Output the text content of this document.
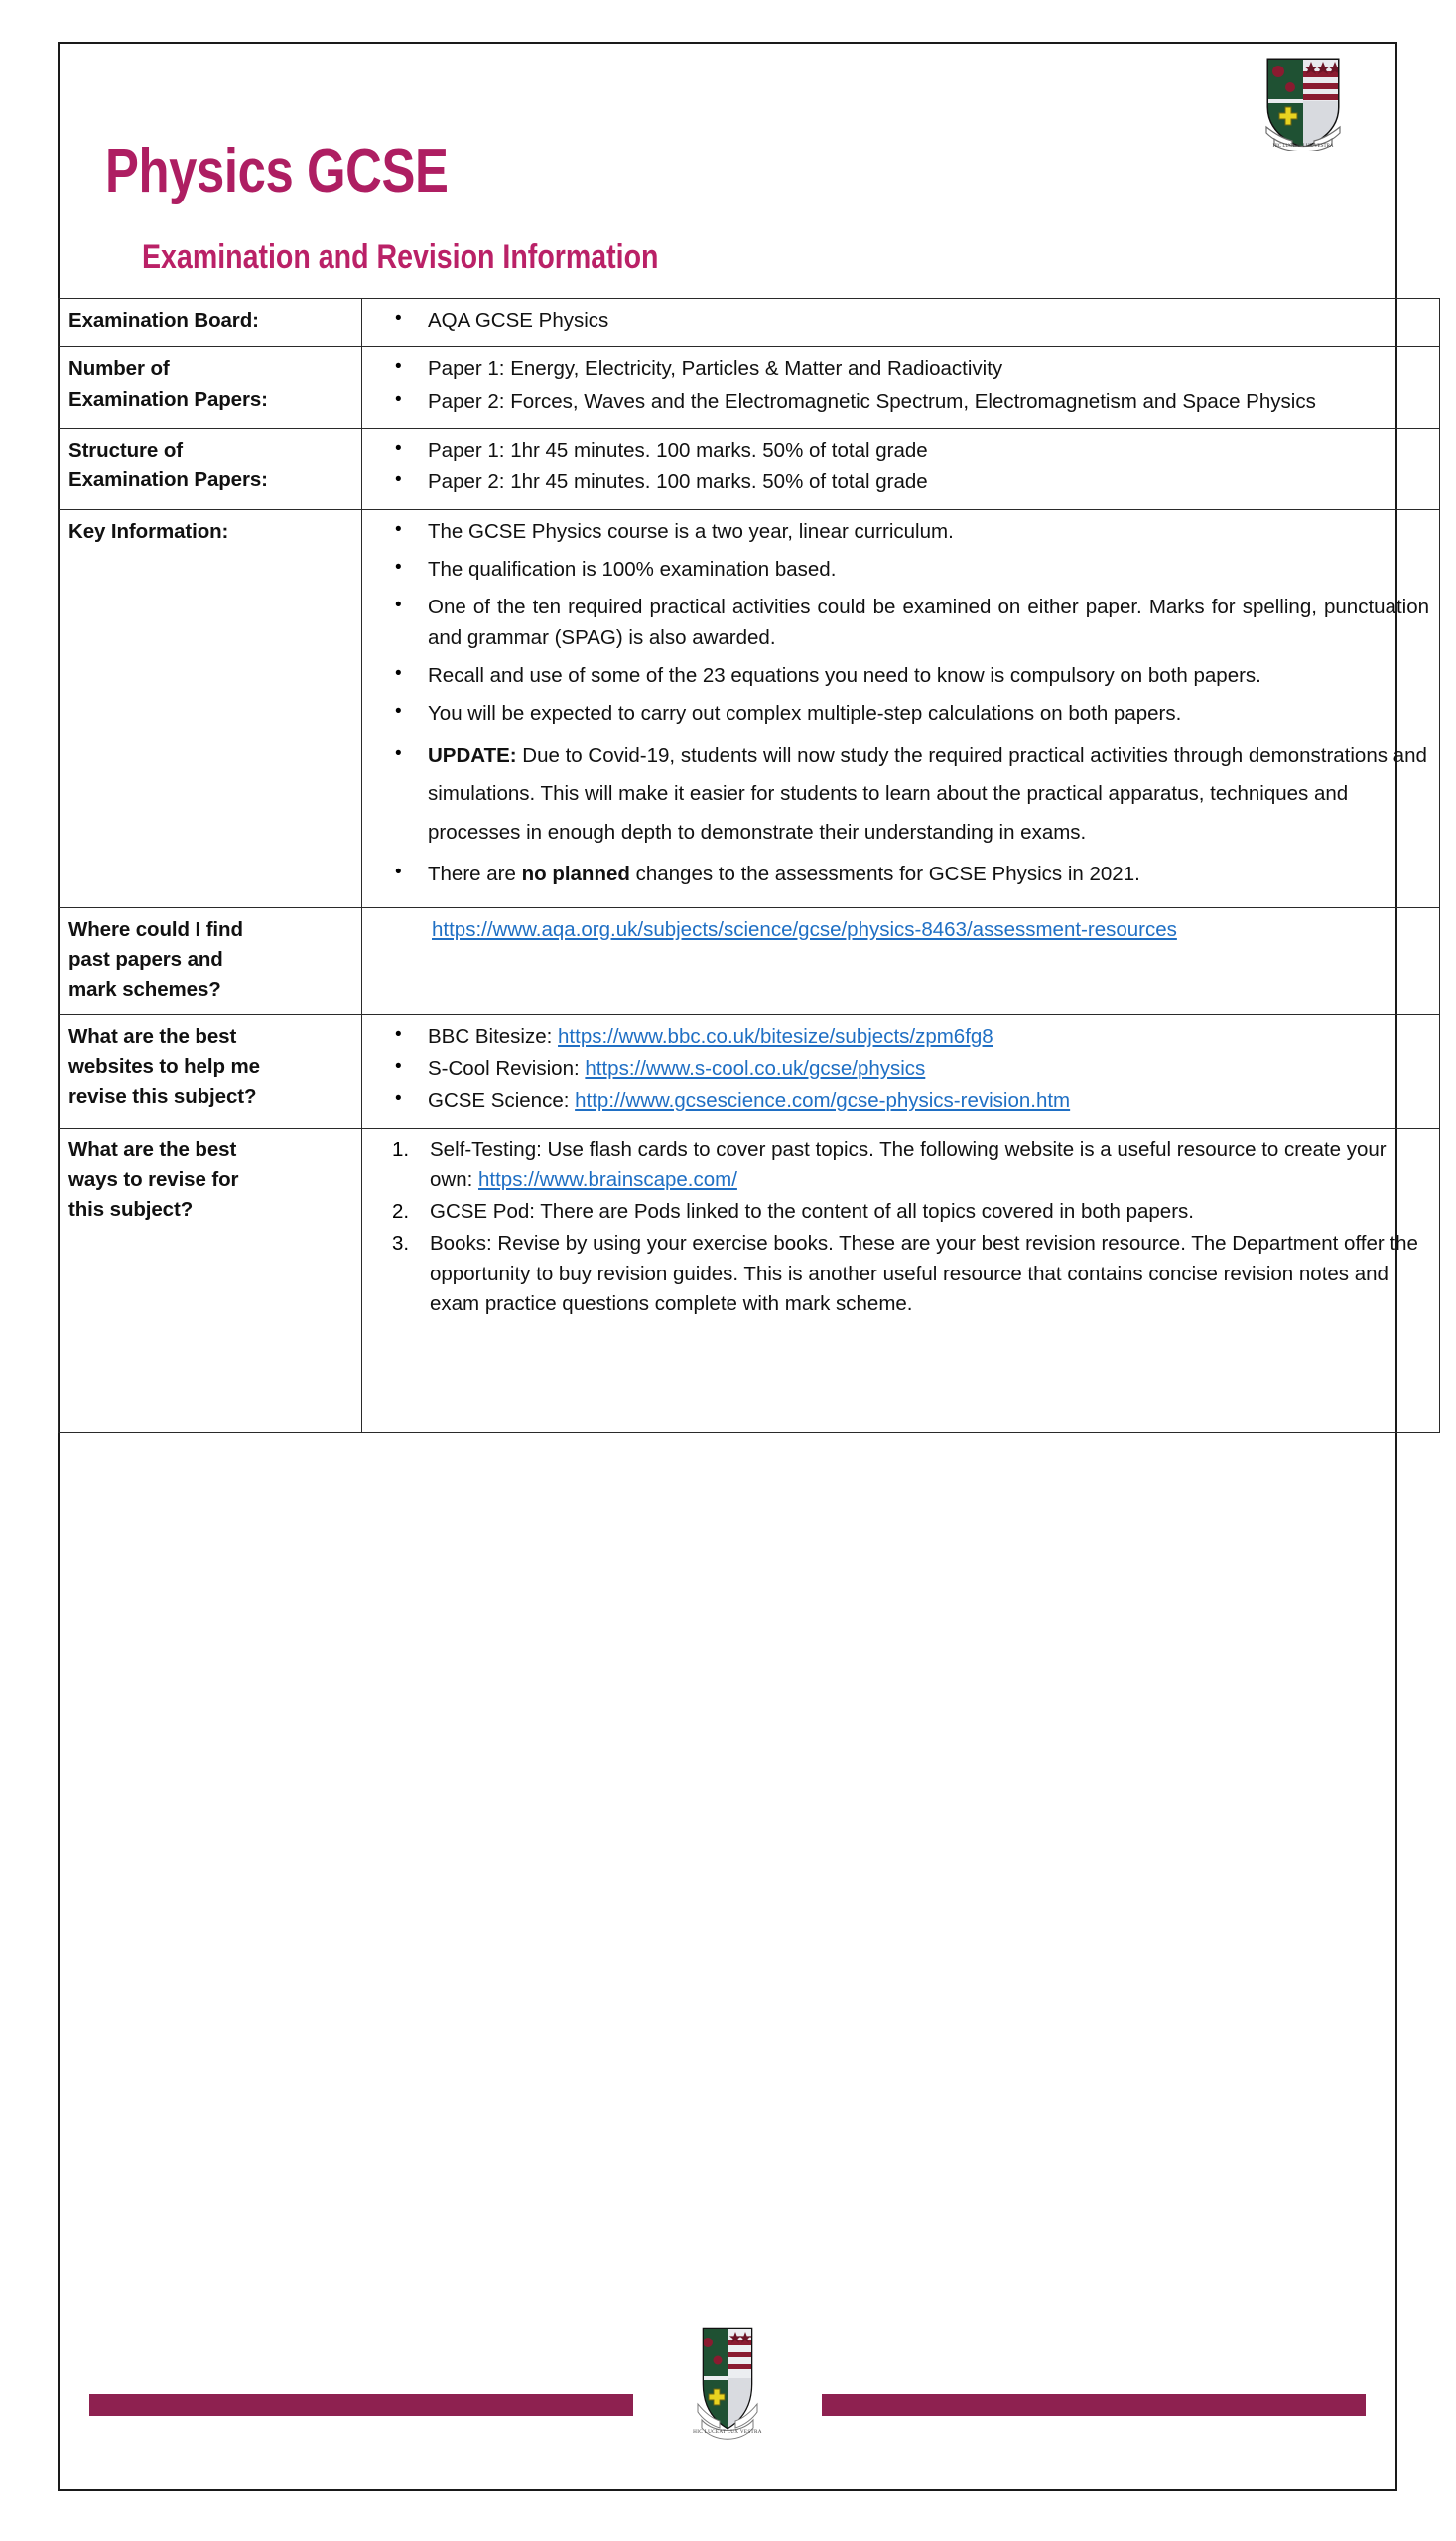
Physics GCSE
Examination and Revision Information
HIC LUCEAT LUX VESTRA
Examination Board:

•AQA GCSE Physics

Number of
Examination Papers:

• Paper 1: Energy, Electricity, Particles & Matter and Radioactivity
• Paper 2: Forces, Waves and the Electromagnetic Spectrum, Electromagnetism and Space Physics

Structure of
Examination Papers:

• Paper 1: 1hr 45 minutes. 100 marks. 50% of total grade
• Paper 2: 1hr 45 minutes. 100 marks. 50% of total grade

Key Information:

•The GCSE Physics course is a two year, linear curriculum.
• The qualification is 100% examination based.
• One of the ten required practical activities could be examined on either paper. Marks for spelling, punctuation and grammar (SPAG) is also awarded.
• Recall and use of some of the 23 equations you need to know is compulsory on both papers.
• You will be expected to carry out complex multiple-step calculations on both papers.
• UPDATE: Due to Covid-19, students will now study the required practical activities through demonstrations and simulations. This will make it easier for students to learn about the practical apparatus, techniques and processes in enough depth to demonstrate their understanding in exams.
• There are no planned changes to the assessments for GCSE Physics in 2021.

Where could I find
past papers and
mark schemes?	https://www.aqa.org.uk/subjects/science/gcse/physics-8463/assessment-resources

What are the best
websites to help me
revise this subject?

• BBC Bitesize: https://www.bbc.co.uk/bitesize/subjects/zpm6fg8
• S-Cool Revision: https://www.s-cool.co.uk/gcse/physics
• GCSE Science: http://www.gcsescience.com/gcse-physics-revision.htm

What are the best
ways to revise for
this subject?

Self-Testing: Use flash cards to cover past topics. The following website is a useful resource to create your own: https://www.brainscape.com/
GCSE Pod: There are Pods linked to the content of all topics covered in both papers.
Books: Revise by using your exercise books. These are your best revision resource. The Department offer the opportunity to buy revision guides. This is another useful resource that contains concise revision notes and exam practice questions complete with mark scheme.
HIC LUCEAT LUX VESTRA
